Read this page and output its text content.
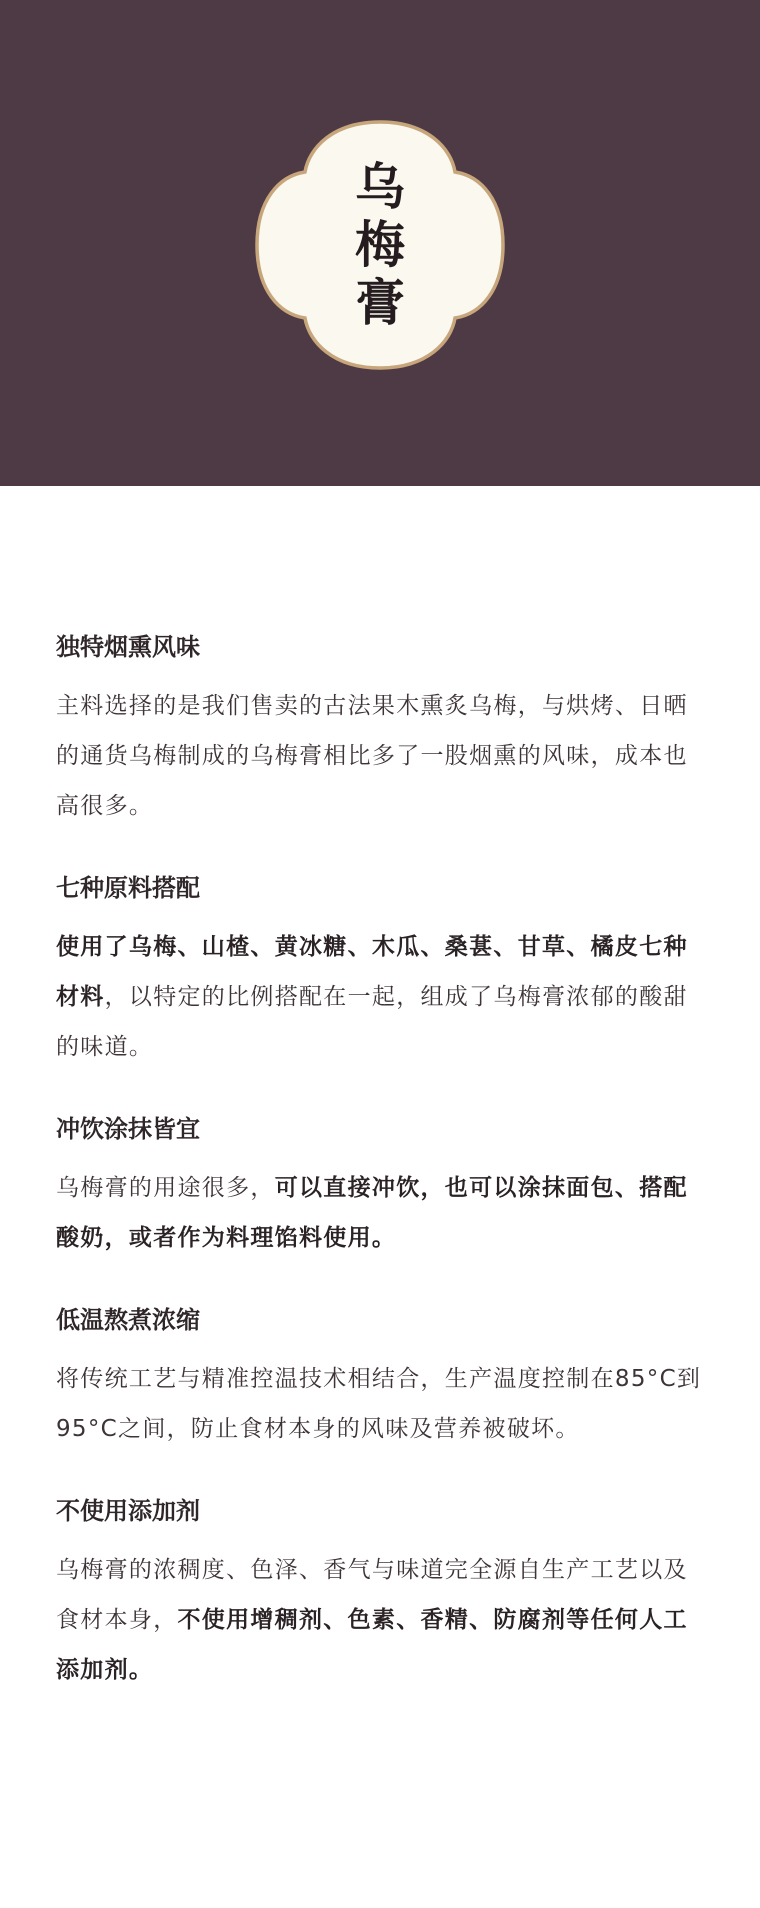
乌
梅
膏
独特烟熏风味

主料选择的是我们售卖的古法果木熏炙乌梅，与烘烤、日晒的通货乌梅制成的乌梅膏相比多了一股烟熏的风味，成本也高很多。

七种原料搭配

使用了乌梅、山楂、黄冰糖、木瓜、桑葚、甘草、橘皮七种材料，以特定的比例搭配在一起，组成了乌梅膏浓郁的酸甜的味道。

冲饮涂抹皆宜

乌梅膏的用途很多，可以直接冲饮，也可以涂抹面包、搭配酸奶，或者作为料理馅料使用。

低温熬煮浓缩

将传统工艺与精准控温技术相结合，生产温度控制在85°C到95°C之间，防止食材本身的风味及营养被破坏。

不使用添加剂

乌梅膏的浓稠度、色泽、香气与味道完全源自生产工艺以及食材本身，不使用增稠剂、色素、香精、防腐剂等任何人工添加剂。
